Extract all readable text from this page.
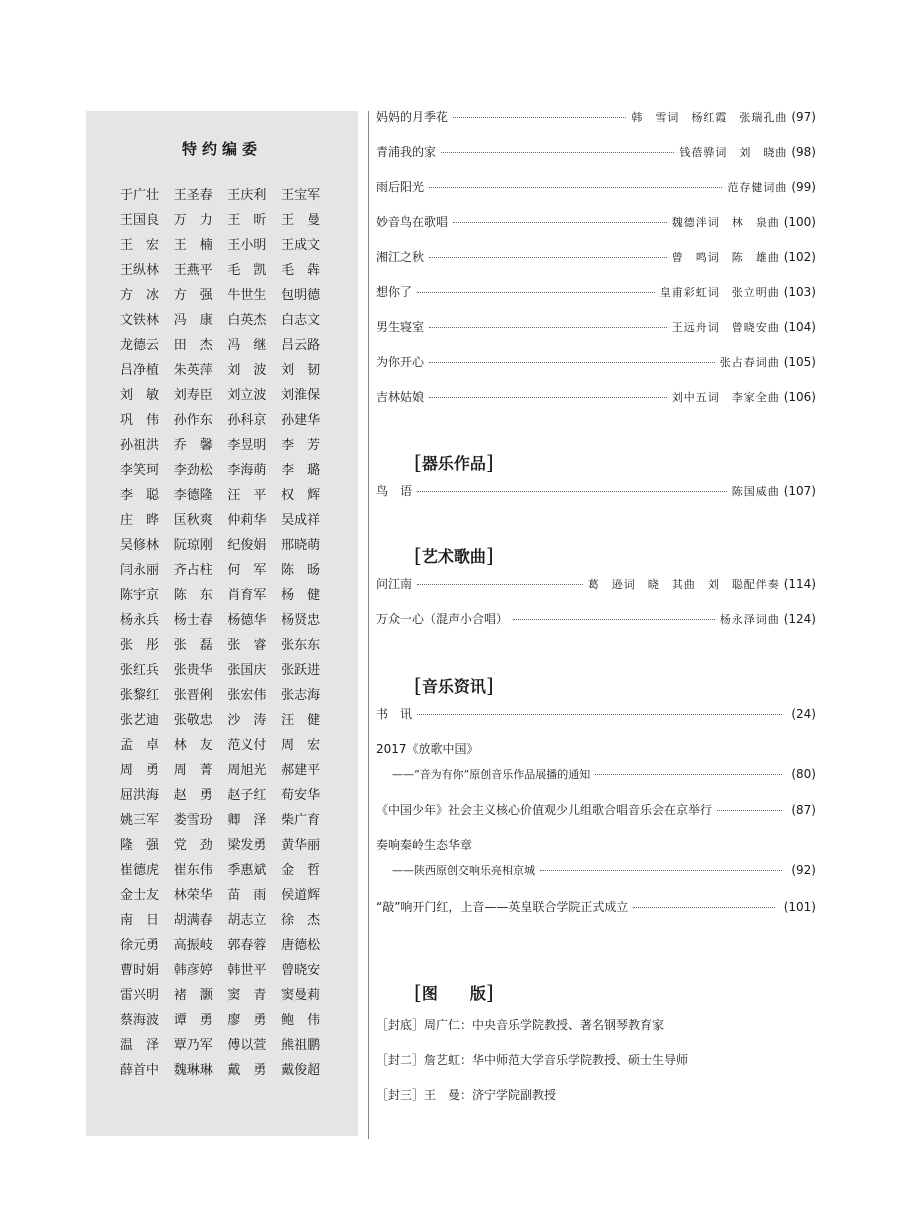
特约编委
于广壮	王圣春	王庆利	王宝军
王国良	万　力	王　昕	王　曼
王　宏	王　楠	王小明	王成文
王纵林	王燕平	毛　凯	毛　犇
方　冰	方　强	牛世生	包明德
文铁林	冯　康	白英杰	白志文
龙德云	田　杰	冯　继	吕云路
吕净植	朱英萍	刘　波	刘　韧
刘　敏	刘寿臣	刘立波	刘淮保
巩　伟	孙作东	孙科京	孙建华
孙祖洪	乔　馨	李昱明	李　芳
李笑珂	李劲松	李海萌	李　璐
李　聪	李德隆	汪　平	权　辉
庄　晔	匡秋爽	仲莉华	吴成祥
吴修林	阮琼刚	纪俊娟	邢晓萌
闫永丽	齐占柱	何　军	陈　旸
陈宇京	陈　东	肖育军	杨　健
杨永兵	杨士春	杨德华	杨贤忠
张　彤	张　磊	张　睿	张东东
张红兵	张贵华	张国庆	张跃进
张黎红	张晋俐	张宏伟	张志海
张艺迪	张敬忠	沙　涛	汪　健
孟　卓	林　友	范义付	周　宏
周　勇	周　菁	周旭光	郝建平
屈洪海	赵　勇	赵子红	荀安华
姚三军	娄雪玢	卿　泽	柴广育
隆　强	党　劲	梁发勇	黄华丽
崔德虎	崔东伟	季惠斌	金　哲
金士友	林荣华	苗　雨	侯道辉
南　日	胡满春	胡志立	徐　杰
徐元勇	高振岐	郭春蓉	唐德松
曹时娟	韩彦婷	韩世平	曾晓安
雷兴明	褚　灏	窦　青	窦曼莉
蔡海波	谭　勇	廖　勇	鲍　伟
温　泽	覃乃军	傅以萱	熊祖鹏
薛首中	魏琳琳	戴　勇	戴俊超
妈妈的月季花	韩　雪词　杨红霞　张瑞孔曲 (97)
青浦我的家	钱蓓骅词　刘　晓曲 (98)
雨后阳光	范存健词曲 (99)
妙音鸟在歌唱	魏德泮词　林　泉曲 (100)
湘江之秋	曾　鸣词　陈　雄曲 (102)
想你了	皇甫彩虹词　张立明曲 (103)
男生寝室	王远舟词　曾晓安曲 (104)
为你开心	张占春词曲 (105)
吉林姑娘	刘中五词　李家全曲 (106)
[器乐作品]
鸟　语	陈国威曲 (107)
[艺术歌曲]
问江南	葛　逊词　晓　其曲　刘　聪配伴奏 (114)
万众一心（混声小合唱）	杨永泽词曲 (124)
[音乐资讯]
书　讯	(24)
2017《放歌中国》
——“音为有你”原创音乐作品展播的通知	(80)
《中国少年》社会主义核心价值观少儿组歌合唱音乐会在京举行	(87)
奏响秦岭生态华章
——陕西原创交响乐亮相京城	(92)
“敲”响开门红，上音——英皇联合学院正式成立	(101)
[图　　版]
［封底］周广仁：中央音乐学院教授、著名钢琴教育家
［封二］詹艺虹：华中师范大学音乐学院教授、硕士生导师
［封三］王　曼：济宁学院副教授
